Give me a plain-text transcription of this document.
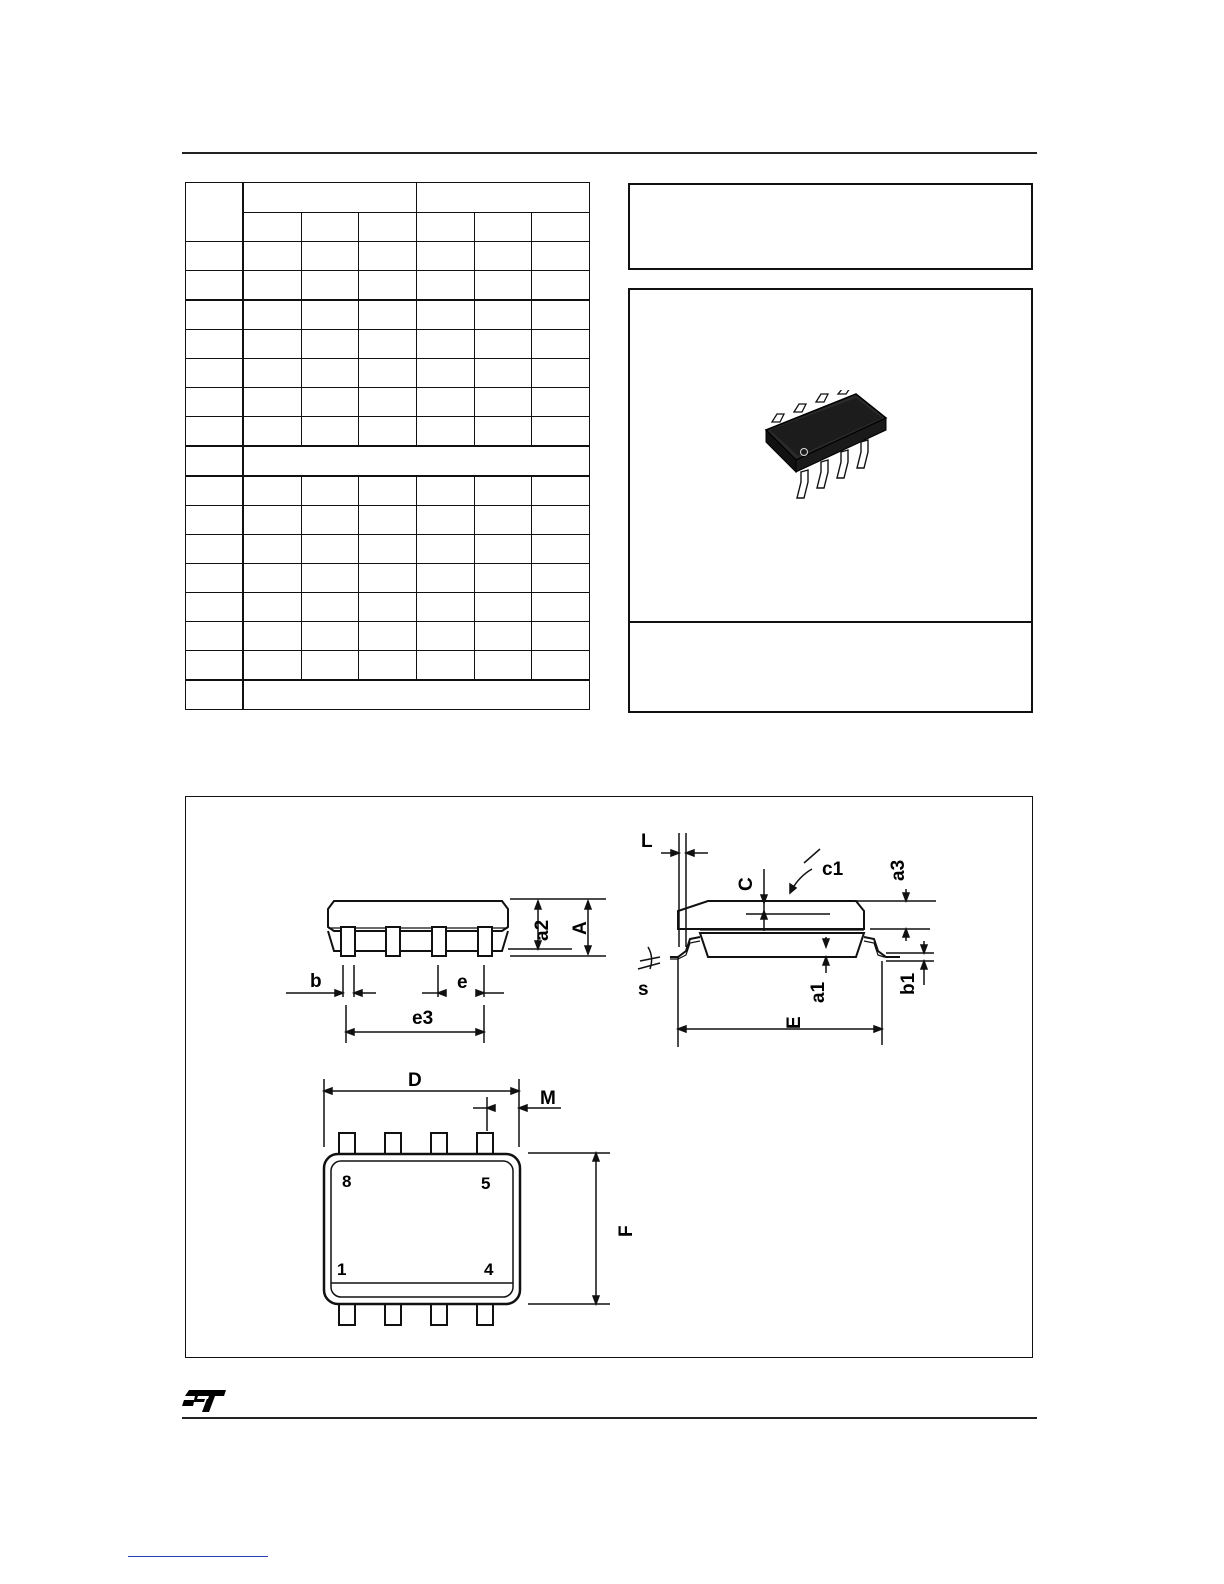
L
C
c1 a3
a2 A
b	e
e3
s	a1	b1
E
D
M
F
8	5
1	4
